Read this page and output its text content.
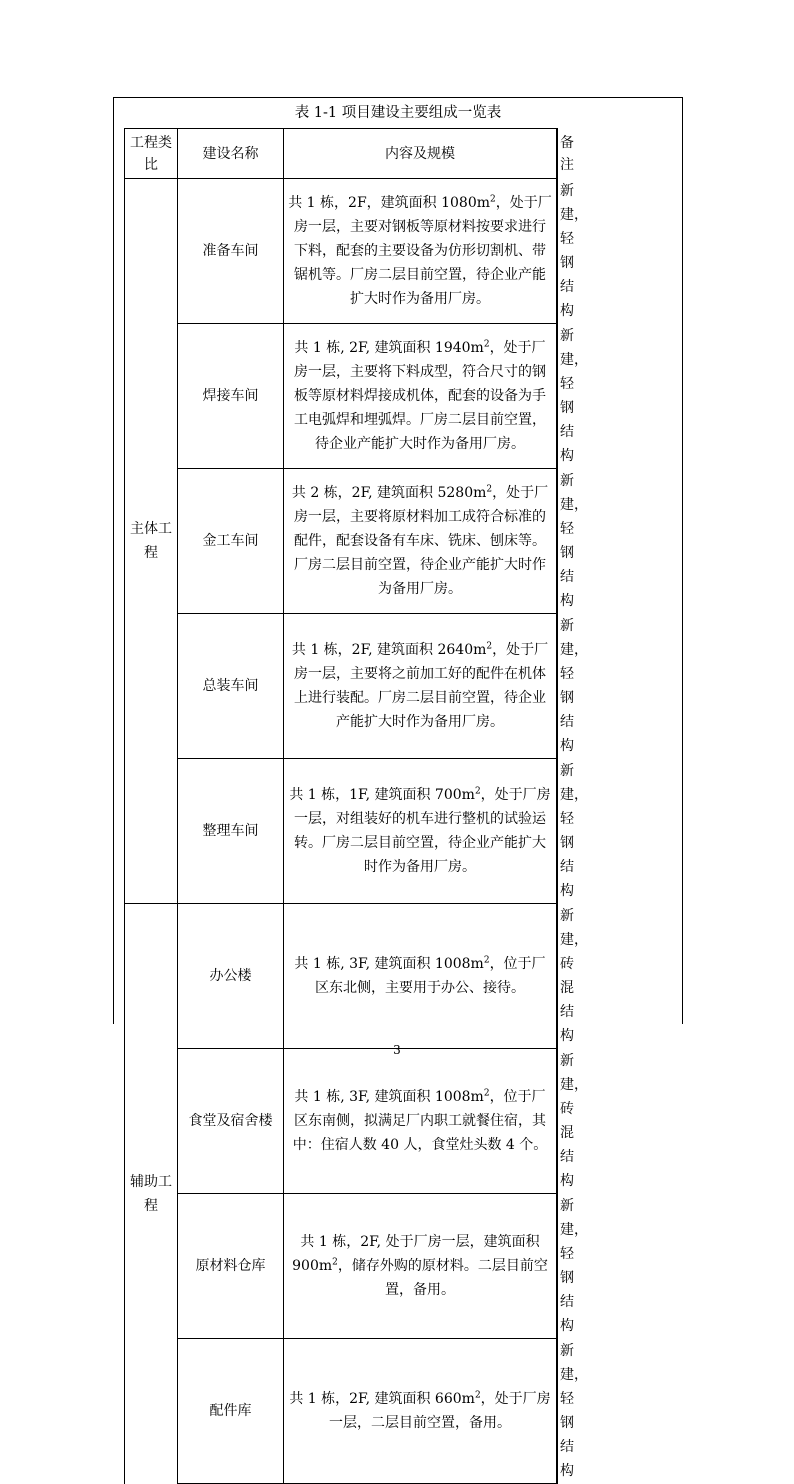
表 1-1 项目建设主要组成一览表
工程类比	建设名称	内容及规模	备注
主体工程	准备车间	共 1 栋，2F，建筑面积 $1080m^2$，处于厂房一层，主要对钢板等原材料按要求进行下料，配套的主要设备为仿形切割机、带锯机等。厂房二层目前空置，待企业产能扩大时作为备用厂房。	新建，轻钢结构
	焊接车间	共 1 栋, 2F, 建筑面积 $1940m^2$，处于厂房一层，主要将下料成型，符合尺寸的钢板等原材料焊接成机体，配套的设备为手工电弧焊和埋弧焊。厂房二层目前空置，待企业产能扩大时作为备用厂房。	新建，轻钢结构
	金工车间	共 2 栋，2F, 建筑面积 $5280m^2$，处于厂房一层，主要将原材料加工成符合标准的配件，配套设备有车床、铣床、刨床等。厂房二层目前空置，待企业产能扩大时作为备用厂房。	新建，轻钢结构
	总装车间	共 1 栋，2F, 建筑面积 $2640m^2$，处于厂房一层，主要将之前加工好的配件在机体上进行装配。厂房二层目前空置，待企业产能扩大时作为备用厂房。	新建，轻钢结构
	整理车间	共 1 栋，1F, 建筑面积 $700m^2$，处于厂房一层，对组装好的机车进行整机的试验运转。厂房二层目前空置，待企业产能扩大时作为备用厂房。	新建，轻钢结构
辅助工程	办公楼	共 1 栋, 3F, 建筑面积 $1008m^2$，位于厂区东北侧，主要用于办公、接待。	新建，砖混结构
	食堂及宿舍楼	共 1 栋, 3F, 建筑面积 $1008m^2$，位于厂区东南侧，拟满足厂内职工就餐住宿，其中：住宿人数 40 人，食堂灶头数 4 个。	新建，砖混结构
	原材料仓库	共 1 栋，2F, 处于厂房一层，建筑面积 $900m^2$，储存外购的原材料。二层目前空置，备用。	新建，轻钢结构
	配件库	共 1 栋，2F, 建筑面积 $660m^2$，处于厂房一层，二层目前空置，备用。	新建，轻钢结构
3
